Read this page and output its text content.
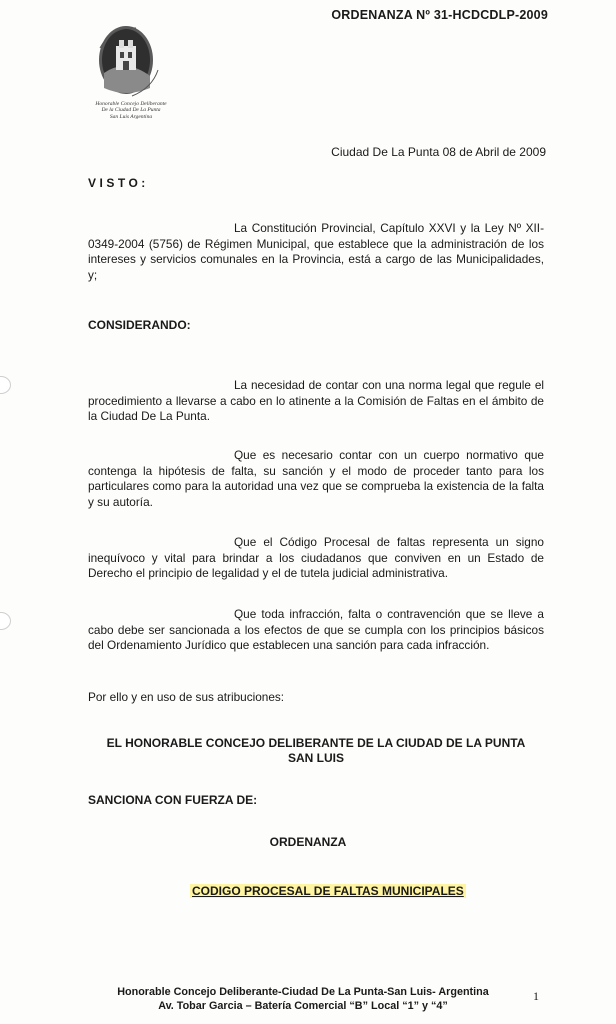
ORDENANZA Nº 31-HCDCDLP-2009
Honorable Concejo Deliberante
De la Ciudad De La Punta
San Luis Argentina
Ciudad De La Punta 08 de Abril de 2009
VISTO:
La Constitución Provincial, Capítulo XXVI y la Ley Nº XII-0349-2004 (5756) de Régimen Municipal, que establece que la administración de los intereses y servicios comunales en la Provincia, está a cargo de las Municipalidades, y;
CONSIDERANDO:
La necesidad de contar con una norma legal que regule el procedimiento a llevarse a cabo en lo atinente a la Comisión de Faltas en el ámbito de la Ciudad De La Punta.
Que es necesario contar con un cuerpo normativo que contenga la hipótesis de falta, su sanción y el modo de proceder tanto para los particulares como para la autoridad una vez que se comprueba la existencia de la falta y su autoría.
Que el Código Procesal de faltas representa un signo inequívoco y vital para brindar a los ciudadanos que conviven en un Estado de Derecho el principio de legalidad y el de tutela judicial administrativa.
Que toda infracción, falta o contravención que se lleve a cabo debe ser sancionada a los efectos de que se cumpla con los principios básicos del Ordenamiento Jurídico que establecen una sanción para cada infracción.
Por ello y en uso de sus atribuciones:
EL HONORABLE CONCEJO DELIBERANTE DE LA CIUDAD DE LA PUNTA
SAN LUIS
SANCIONA CON FUERZA DE:
ORDENANZA
CODIGO PROCESAL DE FALTAS MUNICIPALES
Honorable Concejo Deliberante-Ciudad De La Punta-San Luis- Argentina
Av. Tobar Garcia – Batería Comercial “B” Local “1” y “4”
1
